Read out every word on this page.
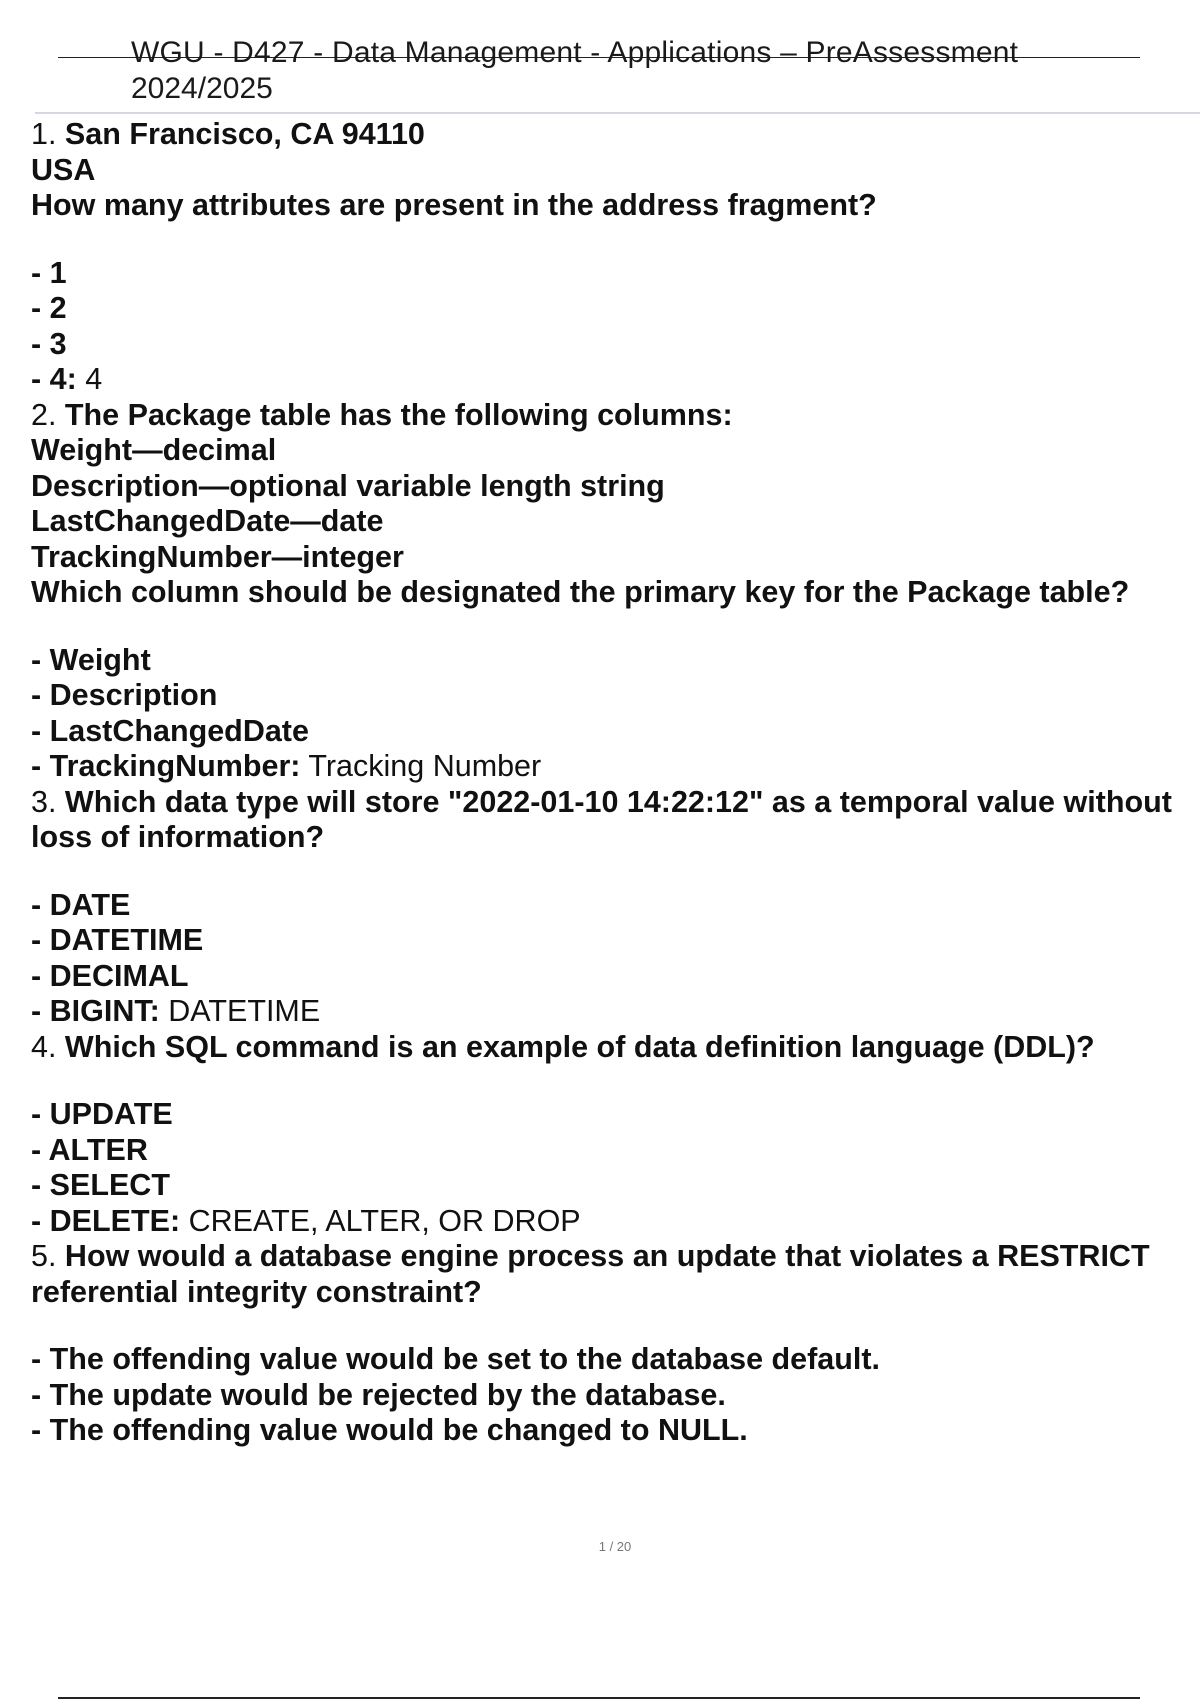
WGU - D427 - Data Management - Applications – PreAssessment
2024/2025

1. San Francisco, CA 94110

USA

How many attributes are present in the address fragment?

- 1

- 2

- 3

- 4: 4

2. The Package table has the following columns:

Weight—decimal

Description—optional variable length string

LastChangedDate—date

TrackingNumber—integer

Which column should be designated the primary key for the Package table?

- Weight

- Description

- LastChangedDate

- TrackingNumber: Tracking Number

3. Which data type will store "2022-01-10 14:22:12" as a temporal value without loss of information?

- DATE

- DATETIME

- DECIMAL

- BIGINT: DATETIME

4. Which SQL command is an example of data definition language (DDL)?

- UPDATE

- ALTER

- SELECT

- DELETE: CREATE, ALTER, OR DROP

5. How would a database engine process an update that violates a RESTRICT referential integrity constraint?

- The offending value would be set to the database default.

- The update would be rejected by the database.

- The offending value would be changed to NULL.

1 / 20
